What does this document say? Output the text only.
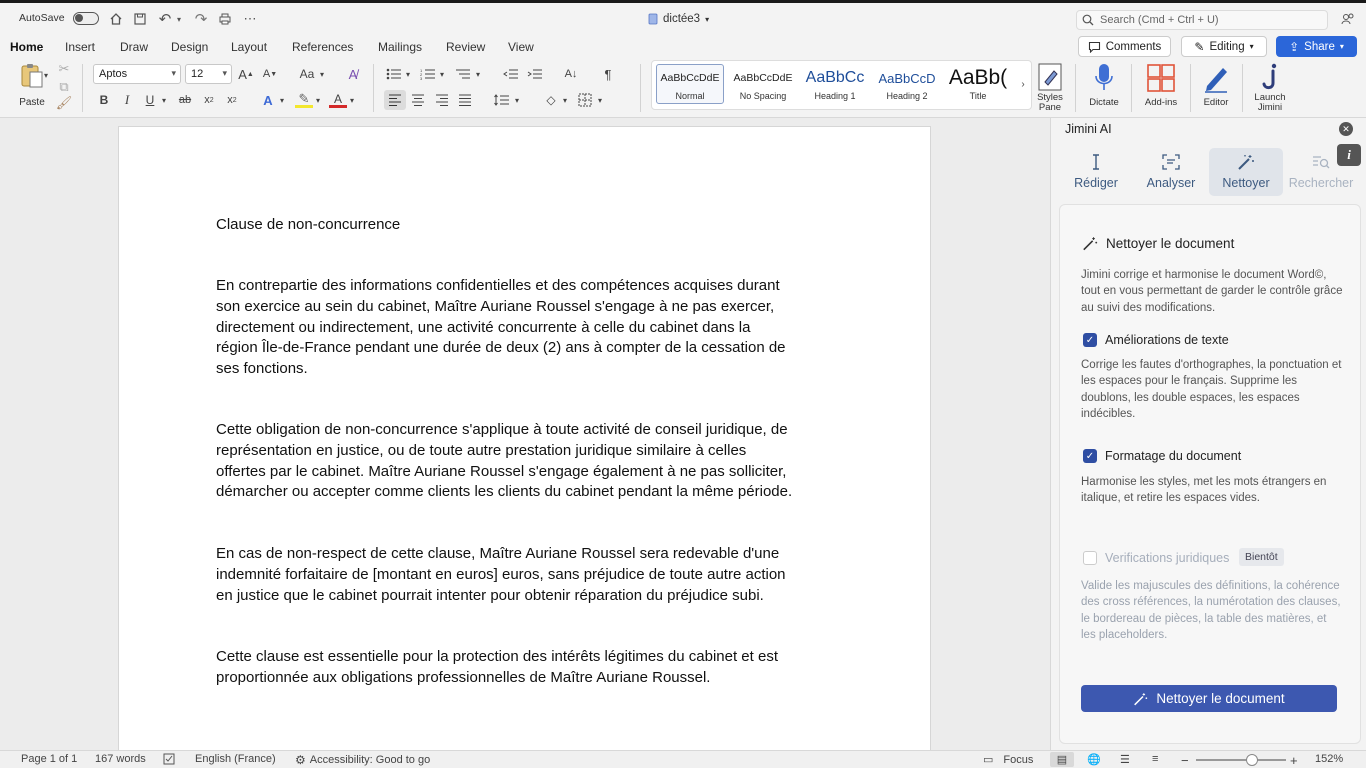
AutoSave	↶ ▾ ↷	⋯	dictée3 ▾	Search (Cmd + Ctrl + U)
Home Insert Draw Design Layout References Mailings Review View	Comments	✎ Editing ▾	⇪ Share ▾
Paste
▾ ✂
⧉
🖌
Aptos	▾ 12 ▾ A ▲ A ▼	Aa ▾	A̸
B	I	U ▾ ab x 2 x 2	A ▾ ✎ ▾	A ▾
▾	1
2
3 ▾	▾	A↓	¶
▾	◇ ▾	▾
AaBbCcDdE
Normal
AaBbCcDdE
No Spacing
AaBbCc
Heading 1
AaBbCcD
Heading 2
AaBb(
Title
›
Styles Pane	Dictate	Add-ins	Editor	Launch Jimini
Clause de non-concurrence
En contrepartie des informations confidentielles et des compétences acquises durant
son exercice au sein du cabinet, Maître Auriane Roussel s'engage à ne pas exercer,
directement ou indirectement, une activité concurrente à celle du cabinet dans la
région Île-de-France pendant une durée de deux (2) ans à compter de la cessation de
ses fonctions.
Cette obligation de non-concurrence s'applique à toute activité de conseil juridique, de
représentation en justice, ou de toute autre prestation juridique similaire à celles
offertes par le cabinet. Maître Auriane Roussel s'engage également à ne pas solliciter,
démarcher ou accepter comme clients les clients du cabinet pendant la même période.
En cas de non-respect de cette clause, Maître Auriane Roussel sera redevable d'une
indemnité forfaitaire de [montant en euros] euros, sans préjudice de toute autre action
en justice que le cabinet pourrait intenter pour obtenir réparation du préjudice subi.
Cette clause est essentielle pour la protection des intérêts légitimes du cabinet et est
proportionnée aux obligations professionnelles de Maître Auriane Roussel.
Jimini AI	✕
i
Rédiger	Analyser	Nettoyer	Rechercher
Nettoyer le document
Jimini corrige et harmonise le document Word©, tout en vous permettant de garder le contrôle grâce au suivi des modifications.
✓ Améliorations de texte
Corrige les fautes d'orthographes, la ponctuation et les espaces pour le français. Supprime les doublons, les double espaces, les espaces indécibles.
✓ Formatage du document
Harmonise les styles, met les mots étrangers en italique, et retire les espaces vides.
Verifications juridiques	Bientôt
Valide les majuscules des définitions, la cohérence des cross références, la numérotation des clauses, le bordereau de pièces, la table des matières, et les placeholders.
Nettoyer le document
Page 1 of 1 167 words	English (France) ⚙ Accessibility: Good to go	▭ Focus ▤ 🌐 ☰ ≡ −	+ 152%
